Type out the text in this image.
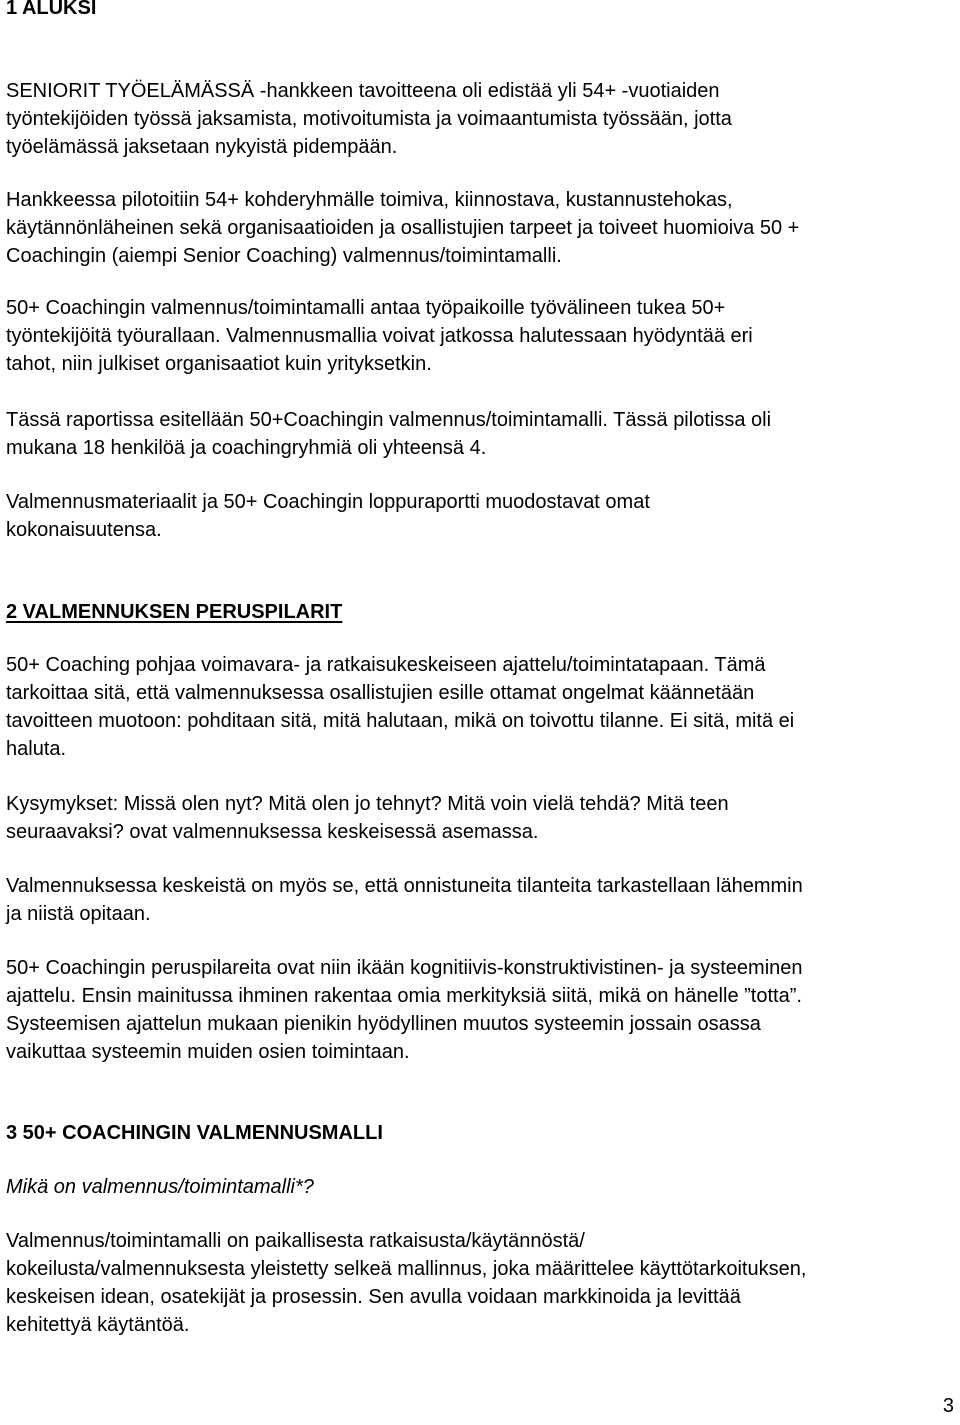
1 ALUKSI

SENIORIT TYÖELÄMÄSSÄ -hankkeen tavoitteena oli edistää yli 54+ -vuotiaiden
työntekijöiden työssä jaksamista, motivoitumista ja voimaantumista työssään, jotta
työelämässä jaksetaan nykyistä pidempään.

Hankkeessa pilotoitiin 54+ kohderyhmälle toimiva, kiinnostava, kustannustehokas,
käytännönläheinen sekä organisaatioiden ja osallistujien tarpeet ja toiveet huomioiva 50 +
Coachingin (aiempi Senior Coaching) valmennus/toimintamalli.

50+ Coachingin valmennus/toimintamalli antaa työpaikoille työvälineen tukea 50+
työntekijöitä työurallaan. Valmennusmallia voivat jatkossa halutessaan hyödyntää eri
tahot, niin julkiset organisaatiot kuin yrityksetkin.

Tässä raportissa esitellään 50+Coachingin valmennus/toimintamalli. Tässä pilotissa oli
mukana 18 henkilöä ja coachingryhmiä oli yhteensä 4.

Valmennusmateriaalit ja 50+ Coachingin loppuraportti muodostavat omat
kokonaisuutensa.

2 VALMENNUKSEN PERUSPILARIT

50+ Coaching pohjaa voimavara- ja ratkaisukeskeiseen ajattelu/toimintatapaan. Tämä
tarkoittaa sitä, että valmennuksessa osallistujien esille ottamat ongelmat käännetään
tavoitteen muotoon: pohditaan sitä, mitä halutaan, mikä on toivottu tilanne. Ei sitä, mitä ei
haluta.

Kysymykset: Missä olen nyt? Mitä olen jo tehnyt? Mitä voin vielä tehdä? Mitä teen
seuraavaksi? ovat valmennuksessa keskeisessä asemassa.

Valmennuksessa keskeistä on myös se, että onnistuneita tilanteita tarkastellaan lähemmin
ja niistä opitaan.

50+ Coachingin peruspilareita ovat niin ikään kognitiivis-konstruktivistinen- ja systeeminen
ajattelu. Ensin mainitussa ihminen rakentaa omia merkityksiä siitä, mikä on hänelle ”totta”.
Systeemisen ajattelun mukaan pienikin hyödyllinen muutos systeemin jossain osassa
vaikuttaa systeemin muiden osien toimintaan.

3 50+ COACHINGIN VALMENNUSMALLI

Mikä on valmennus/toimintamalli*?

Valmennus/toimintamalli on paikallisesta ratkaisusta/käytännöstä/
kokeilusta/valmennuksesta yleistetty selkeä mallinnus, joka määrittelee käyttötarkoituksen,
keskeisen idean, osatekijät ja prosessin. Sen avulla voidaan markkinoida ja levittää
kehitettyä käytäntöä.

3
